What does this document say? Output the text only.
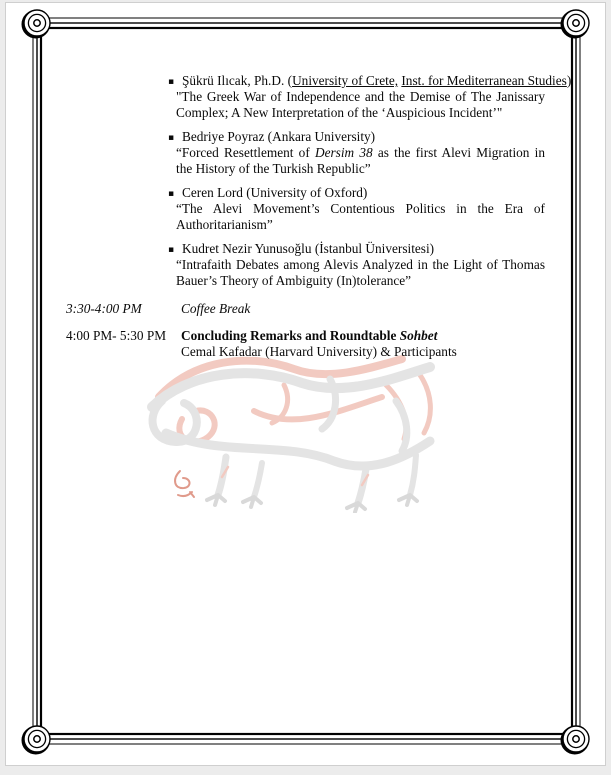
▪ Şükrü Ilıcak, Ph.D. (University of Crete, Inst. for Mediterranean Studies)
"The Greek War of Independence and the Demise of The Janissary Complex; A New Interpretation of the ‘Auspicious Incident’"
▪ Bedriye Poyraz (Ankara University)
“Forced Resettlement of Dersim 38 as the first Alevi Migration in the History of the Turkish Republic”
▪ Ceren Lord (University of Oxford)
“The Alevi Movement’s Contentious Politics in the Era of Authoritarianism”
▪ Kudret Nezir Yunusoğlu (İstanbul Üniversitesi)
“Intrafaith Debates among Alevis Analyzed in the Light of Thomas Bauer’s Theory of Ambiguity (In)tolerance”
3:30-4:00 PM	Coffee Break
4:00 PM- 5:30 PM	Concluding Remarks and Roundtable Sohbet
Cemal Kafadar (Harvard University) & Participants
